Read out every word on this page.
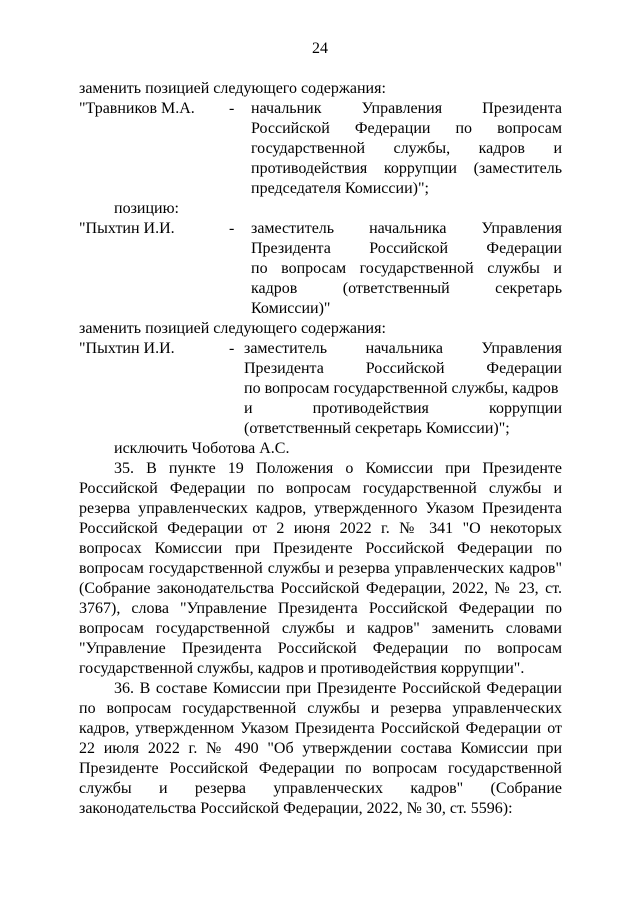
24
заменить позицией следующего содержания:
"Травников М.А. - начальник Управления Президента
Российской Федерации по вопросам
государственной службы, кадров и
противодействия коррупции (заместитель
председателя Комиссии)";
позицию:
"Пыхтин И.И.	- заместитель начальника Управления
Президента Российской Федерации
по вопросам государственной службы и
кадров (ответственный секретарь
Комиссии)"
заменить позицией следующего содержания:
"Пыхтин И.И.	- заместитель начальника Управления
Президента Российской Федерации
по вопросам государственной службы, кадров
и противодействия коррупции
(ответственный секретарь Комиссии)";
исключить Чоботова А.С.
35. В пункте 19 Положения о Комиссии при Президенте Российской Федерации по вопросам государственной службы и резерва управленческих кадров, утвержденного Указом Президента Российской Федерации от 2 июня 2022 г. № 341 "О некоторых вопросах Комиссии при Президенте Российской Федерации по вопросам государственной службы и резерва управленческих кадров" (Собрание законодательства Российской Федерации, 2022, № 23, ст. 3767), слова "Управление Президента Российской Федерации по вопросам государственной службы и кадров" заменить словами "Управление Президента Российской Федерации по вопросам государственной службы, кадров и противодействия коррупции".
36. В составе Комиссии при Президенте Российской Федерации по вопросам государственной службы и резерва управленческих кадров, утвержденном Указом Президента Российской Федерации от 22 июля 2022 г. № 490 "Об утверждении состава Комиссии при Президенте Российской Федерации по вопросам государственной службы и резерва управленческих кадров" (Собрание законодательства Российской Федерации, 2022, № 30, ст. 5596):
